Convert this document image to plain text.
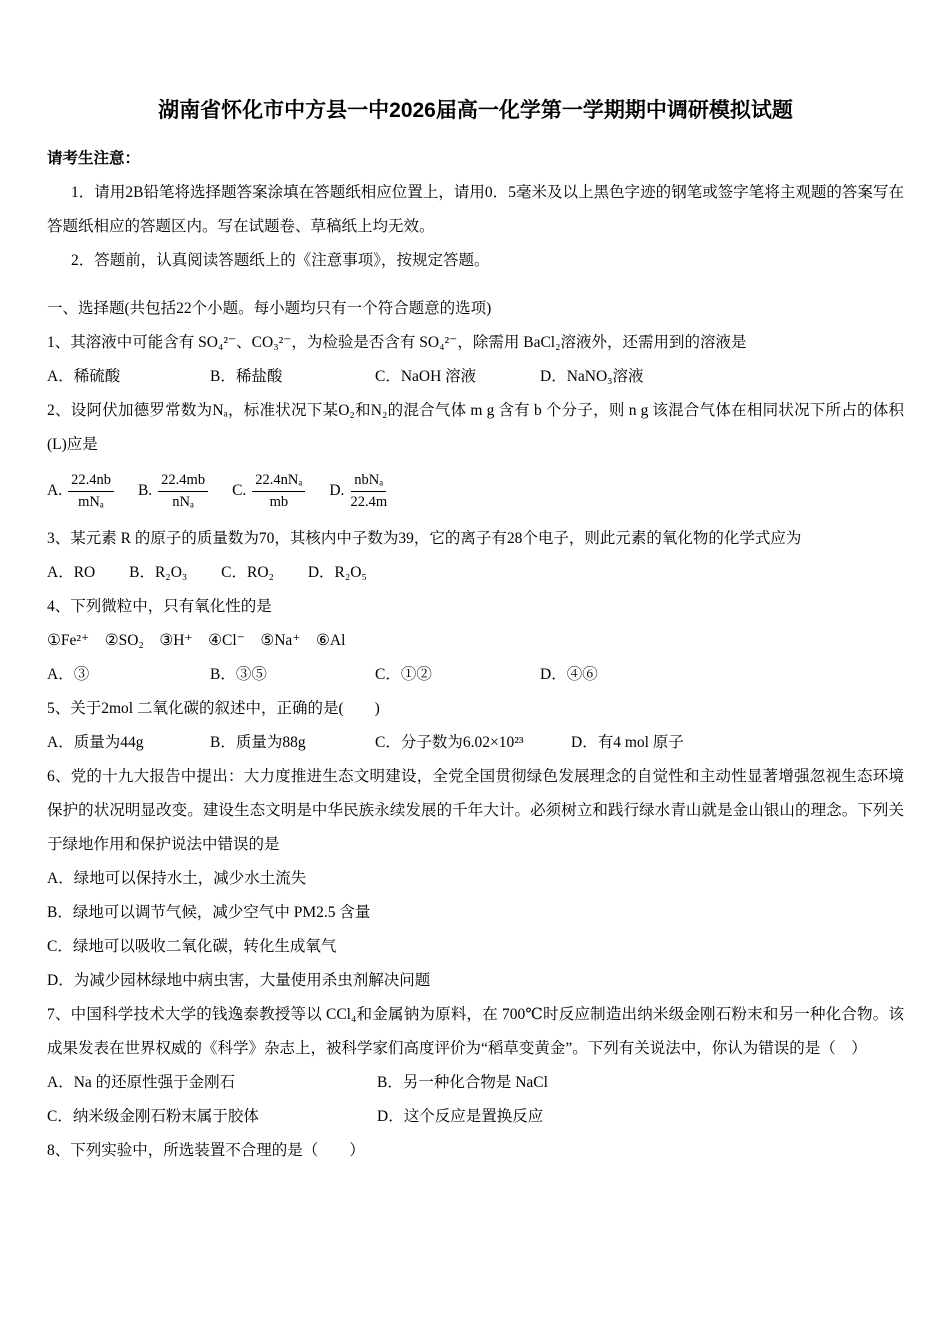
湖南省怀化市中方县一中2026届高一化学第一学期期中调研模拟试题

请考生注意：

1．请用2B铅笔将选择题答案涂填在答题纸相应位置上，请用0．5毫米及以上黑色字迹的钢笔或签字笔将主观题的答案写在答题纸相应的答题区内。写在试题卷、草稿纸上均无效。

2．答题前，认真阅读答题纸上的《注意事项》，按规定答题。

一、选择题(共包括22个小题。每小题均只有一个符合题意的选项)

1、其溶液中可能含有 SO₄²⁻、CO₃²⁻，为检验是否含有 SO₄²⁻，除需用 BaCl₂溶液外，还需用到的溶液是

A．稀硫酸	B．稀盐酸	C．NaOH 溶液	D．NaNO₃溶液

2、设阿伏加德罗常数为Nₐ，标准状况下某O₂和N₂的混合气体 m g 含有 b 个分子，则 n g 该混合气体在相同状况下所占的体积(L)应是

A. $\frac{22.4nb}{\text{mNₐ}} B$. $\frac{22.4mb}{\text{nNₐ}} C$. $\frac{\text{22.4nNₐ}}{mb} D$. $\frac{\text{nbNₐ}}{22.4m}$

3、某元素 R 的原子的质量数为70，其核内中子数为39，它的离子有28个电子，则此元素的氧化物的化学式应为

A．RO B．R₂O₃ C．RO₂ D．R₂O₅

4、下列微粒中，只有氧化性的是

①Fe²⁺　②SO₂　③H⁺　④Cl⁻　⑤Na⁺　⑥Al

A．③	B．③⑤	C．①②	D．④⑥

5、关于2mol 二氧化碳的叙述中，正确的是(　　)

A．质量为44g	B．质量为88g	C．分子数为6.02×10²³	D．有4 mol 原子

6、党的十九大报告中提出：大力度推进生态文明建设，全党全国贯彻绿色发展理念的自觉性和主动性显著增强忽视生态环境保护的状况明显改变。建设生态文明是中华民族永续发展的千年大计。必须树立和践行绿水青山就是金山银山的理念。下列关于绿地作用和保护说法中错误的是

A．绿地可以保持水土，减少水土流失

B．绿地可以调节气候，减少空气中 PM2.5 含量

C．绿地可以吸收二氧化碳，转化生成氧气

D．为减少园林绿地中病虫害，大量使用杀虫剂解决问题

7、中国科学技术大学的钱逸泰教授等以 CCl₄和金属钠为原料，在 700℃时反应制造出纳米级金刚石粉末和另一种化合物。该成果发表在世界权威的《科学》杂志上，被科学家们高度评价为“稻草变黄金”。下列有关说法中，你认为错误的是（　）

A．Na 的还原性强于金刚石	B．另一种化合物是 NaCl
C．纳米级金刚石粉末属于胶体	D．这个反应是置换反应

8、下列实验中，所选装置不合理的是（　　）
